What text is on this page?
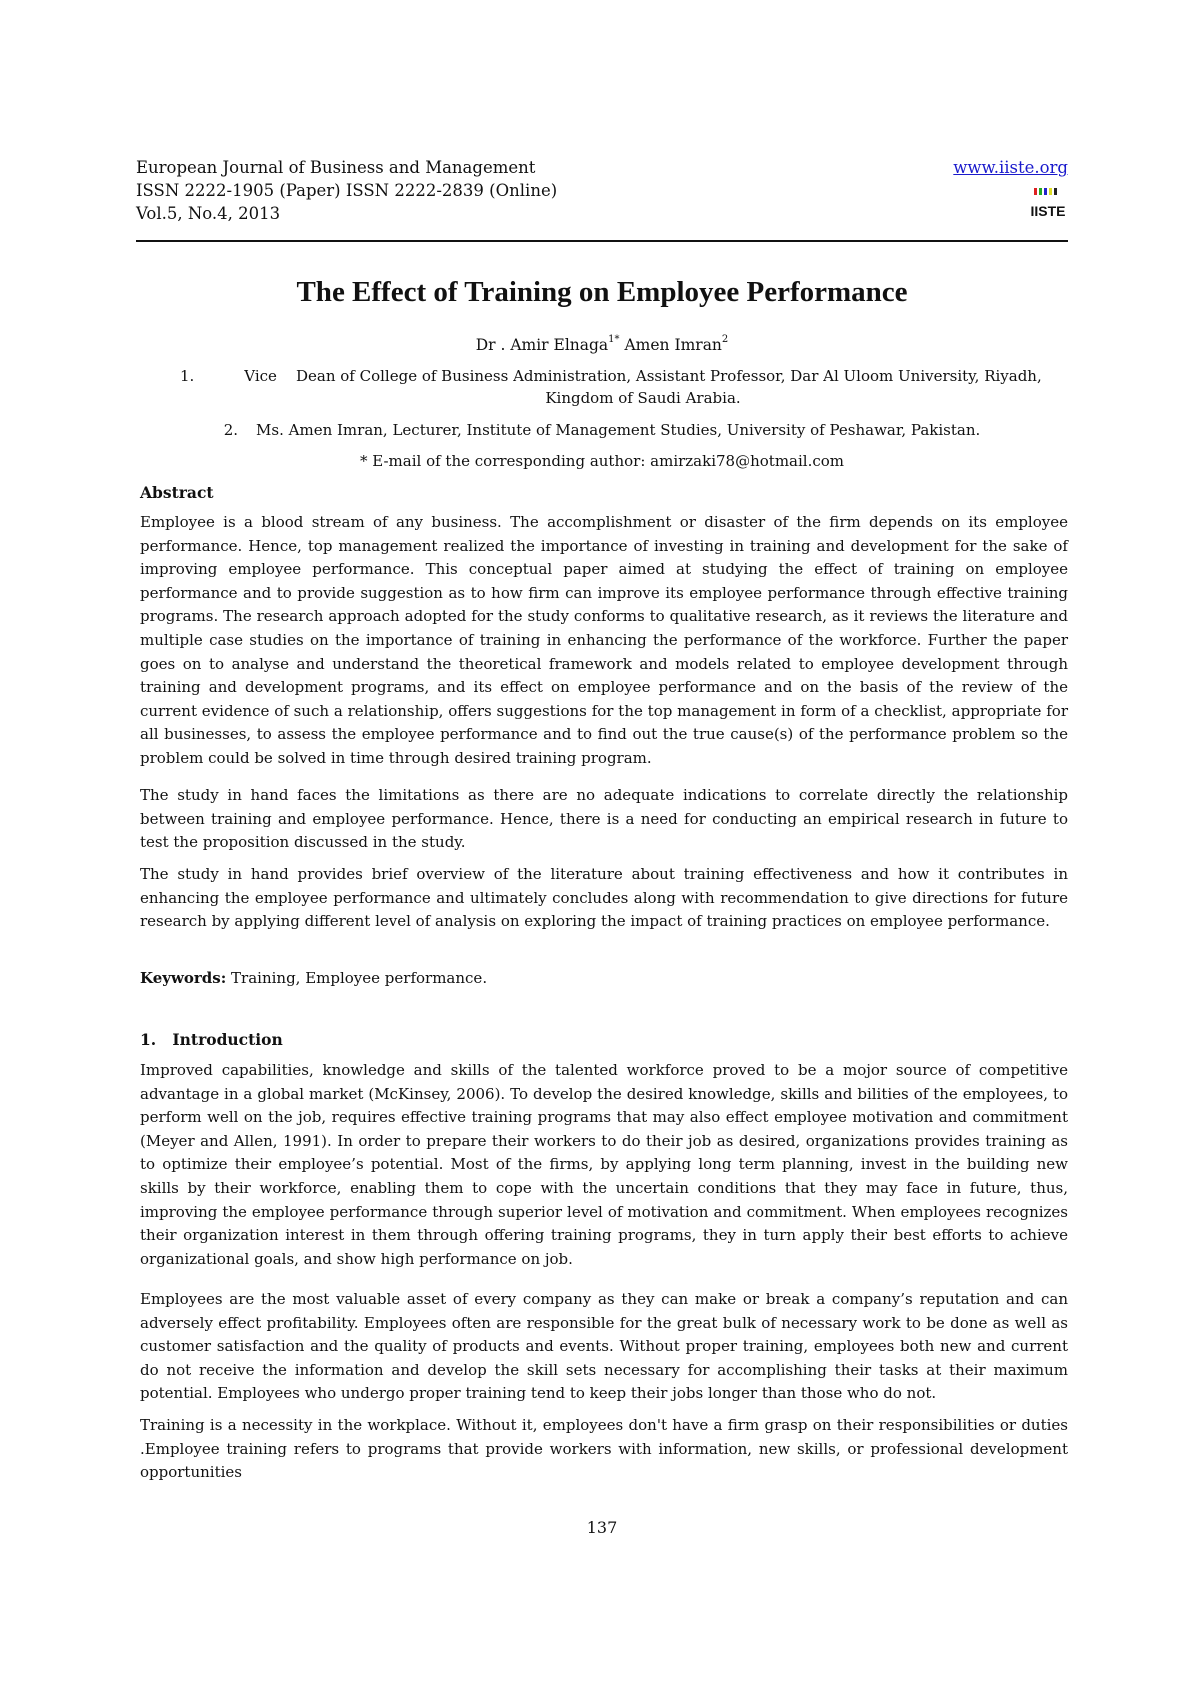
European Journal of Business and Management
ISSN 2222-1905 (Paper) ISSN 2222-2839 (Online)
Vol.5, No.4, 2013
www.iiste.org
IISTE
The Effect of Training on Employee Performance
Dr . Amir Elnaga$^{1*}$ Amen Imran$^2$
1.	Vice    Dean of College of Business Administration, Assistant Professor, Dar Al Uloom University, Riyadh, Kingdom of Saudi Arabia.
2. Ms. Amen Imran, Lecturer, Institute of Management Studies, University of Peshawar, Pakistan.
* E-mail of the corresponding author: amirzaki78@hotmail.com
Abstract
Employee is a blood stream of any business. The accomplishment or disaster of the firm depends on its employee performance. Hence, top management realized the importance of investing in training and development for the sake of improving employee performance. This conceptual paper aimed at studying the effect of training on employee performance and to provide suggestion as to how firm can improve its employee performance through effective training programs. The research approach adopted for the study conforms to qualitative research, as it reviews the literature and multiple case studies on the importance of training in enhancing the performance of the workforce. Further the paper goes on to analyse and understand the theoretical framework and models related to employee development through training and development programs, and its effect on employee performance and on the basis of the review of the current evidence of such a relationship, offers suggestions for the top management in form of a checklist, appropriate for all businesses, to assess the employee performance and to find out the true cause(s) of the performance problem so the problem could be solved in time through desired training program.
The study in hand faces the limitations as there are no adequate indications to correlate directly the relationship between training and employee performance. Hence, there is a need for conducting an empirical research in future to test the proposition discussed in the study.
The study in hand provides brief overview of the literature about training effectiveness and how it contributes in enhancing the employee performance and ultimately concludes along with recommendation to give directions for future research by applying different level of analysis on exploring the impact of training practices on employee performance.
Keywords: Training, Employee performance.
1. Introduction
Improved capabilities, knowledge and skills of the talented workforce proved to be a mojor source of competitive advantage in a global market (McKinsey, 2006). To develop the desired knowledge, skills and bilities of the employees, to perform well on the job, requires effective training programs that may also effect employee motivation and commitment (Meyer and Allen, 1991). In order to prepare their workers to do their job as desired, organizations provides training as to optimize their employee’s potential. Most of the firms, by applying long term planning, invest in the building new skills by their workforce, enabling them to cope with the uncertain conditions that they may face in future, thus, improving the employee performance through superior level of motivation and commitment. When employees recognizes their organization interest in them through offering training programs, they in turn apply their best efforts to achieve organizational goals, and show high performance on job.
Employees are the most valuable asset of every company as they can make or break a company’s reputation and can adversely effect profitability. Employees often are responsible for the great bulk of necessary work to be done as well as customer satisfaction and the quality of products and events. Without proper training, employees both new and current do not receive the information and develop the skill sets necessary for accomplishing their tasks at their maximum potential. Employees who undergo proper training tend to keep their jobs longer than those who do not.
Training is a necessity in the workplace. Without it, employees don't have a firm grasp on their responsibilities or duties .Employee training refers to programs that provide workers with information, new skills, or professional development opportunities
137
